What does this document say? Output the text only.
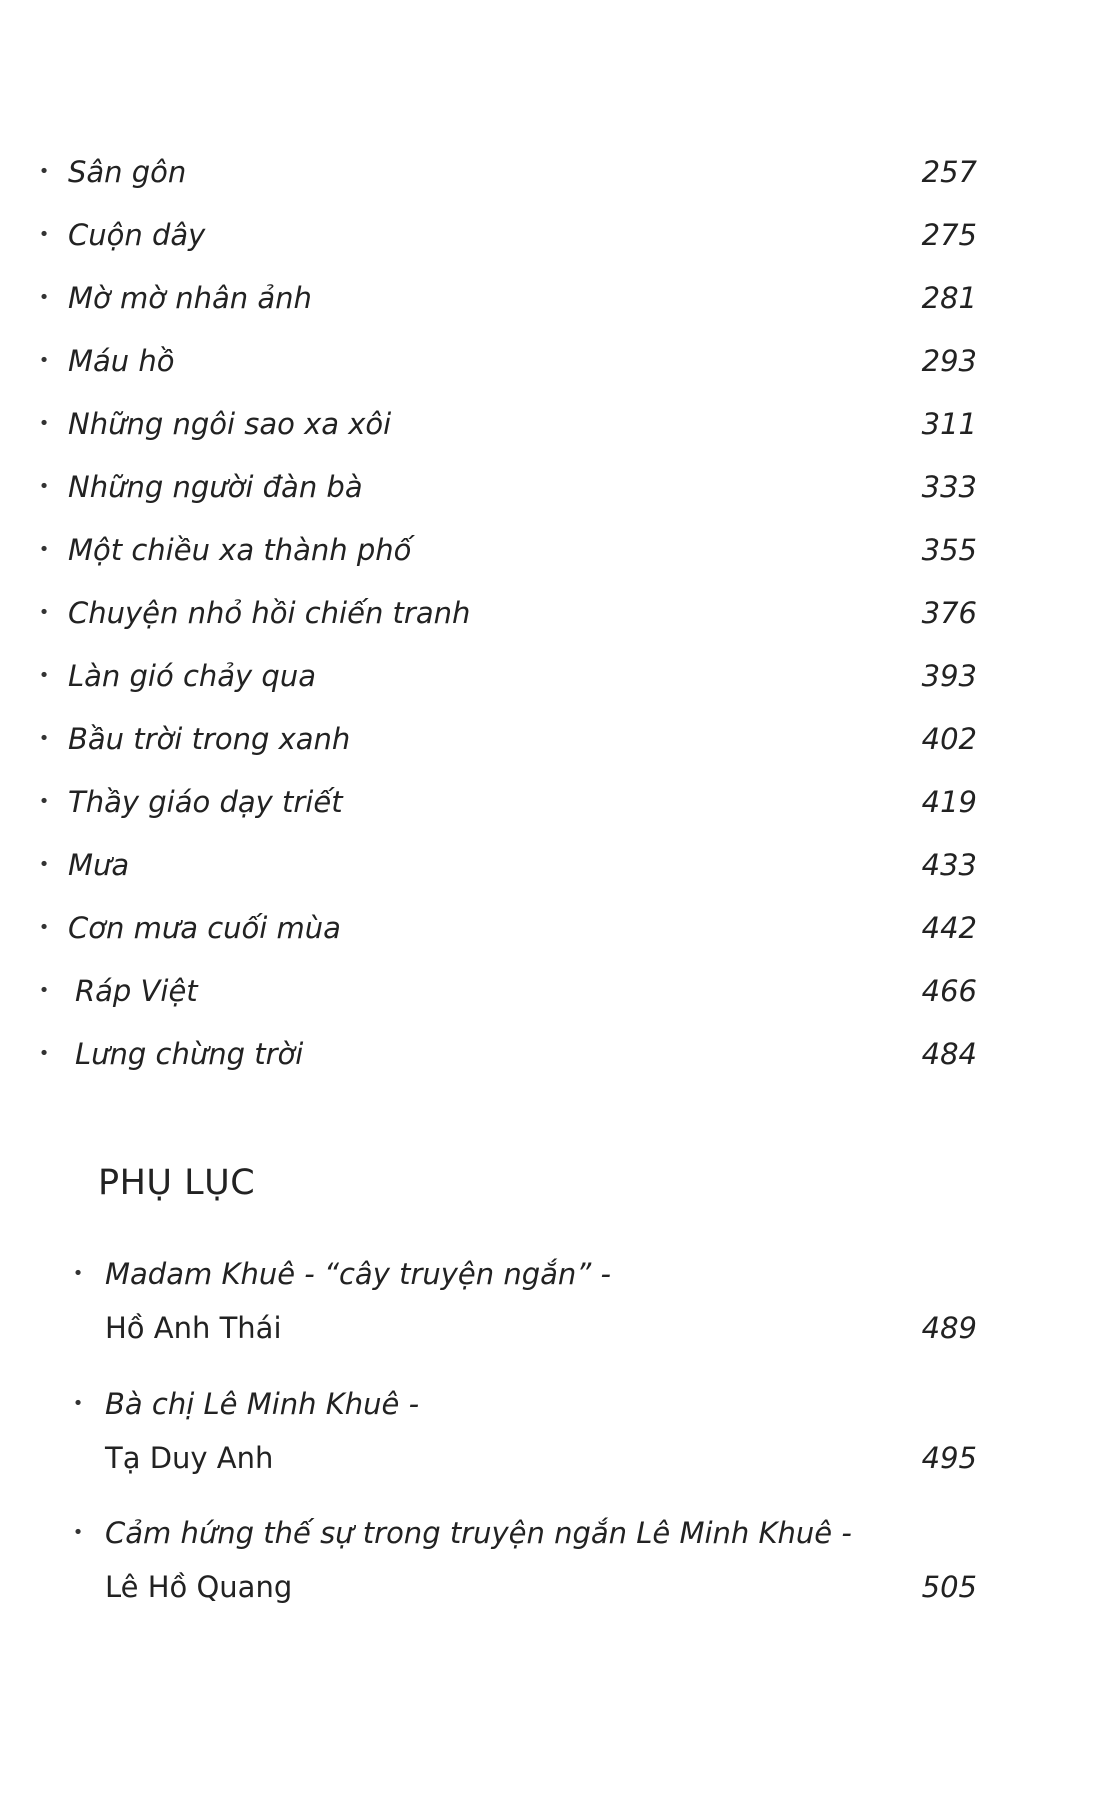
• Sân gôn	257
• Cuộn dây	275
• Mờ mờ nhân ảnh	281
• Máu hồ	293
• Những ngôi sao xa xôi	311
• Những người đàn bà	333
• Một chiều xa thành phố	355
• Chuyện nhỏ hồi chiến tranh	376
• Làn gió chảy qua	393
• Bầu trời trong xanh	402
• Thầy giáo dạy triết	419
• Mưa	433
• Cơn mưa cuối mùa	442
• Ráp Việt	466
• Lưng chừng trời	484
PHỤ LỤC
• Madam Khuê - “cây truyện ngắn” -
Hồ Anh Thái	489
• Bà chị Lê Minh Khuê -
Tạ Duy Anh	495
• Cảm hứng thế sự trong truyện ngắn Lê Minh Khuê -
Lê Hồ Quang	505
